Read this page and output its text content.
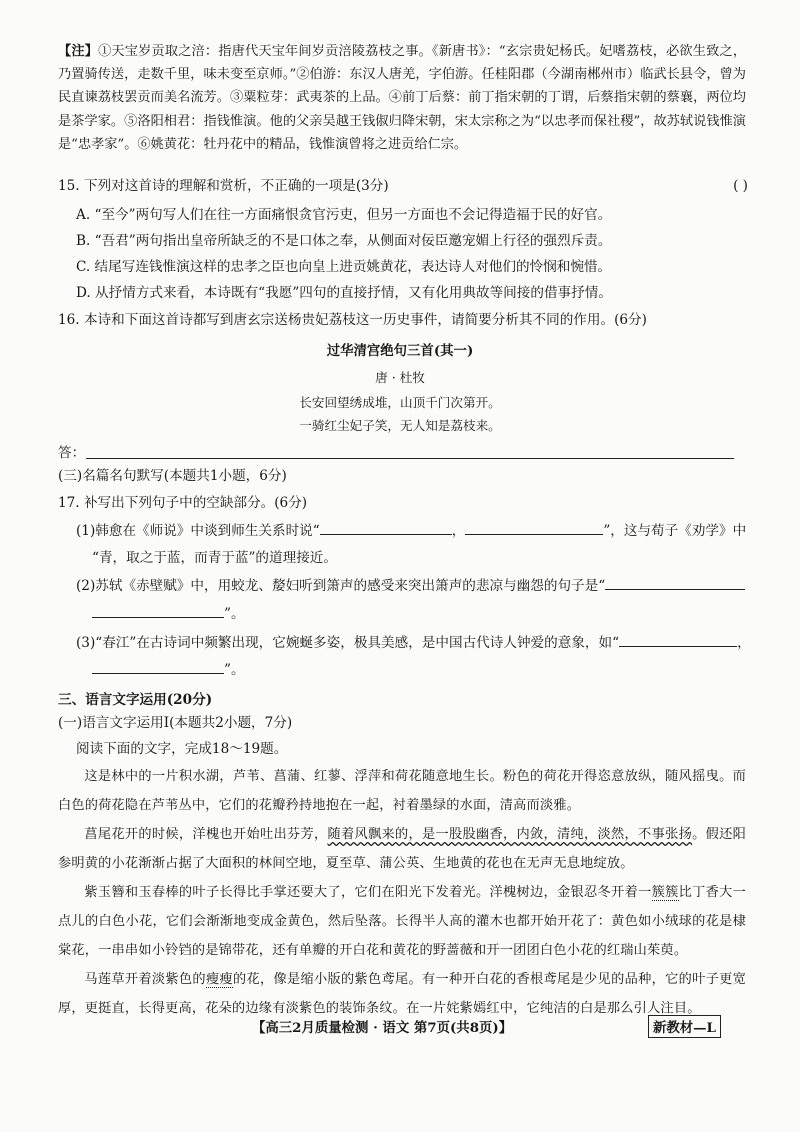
【注】①天宝岁贡取之涪：指唐代天宝年间岁贡涪陵荔枝之事。《新唐书》：“玄宗贵妃杨氏。妃嗜荔枝，必欲生致之，乃置骑传送，走数千里，味未变至京师。”②伯游：东汉人唐羌，字伯游。任桂阳郡（今湖南郴州市）临武长县令，曾为民直谏荔枝罢贡而美名流芳。③粟粒芽：武夷茶的上品。④前丁后蔡：前丁指宋朝的丁谓，后蔡指宋朝的蔡襄，两位均是茶学家。⑤洛阳相君：指钱惟演。他的父亲吴越王钱俶归降宋朝，宋太宗称之为“以忠孝而保社稷”，故苏轼说钱惟演是“忠孝家”。⑥姚黄花：牡丹花中的精品，钱惟演曾将之进贡给仁宗。
15. 下列对这首诗的理解和赏析，不正确的一项是(3分)	( )
A. “至今”两句写人们在往一方面痛恨贪官污吏，但另一方面也不会记得造福于民的好官。
B. “吾君”两句指出皇帝所缺乏的不是口体之奉，从侧面对佞臣邀宠媚上行径的强烈斥责。
C. 结尾写连钱惟演这样的忠孝之臣也向皇上进贡姚黄花，表达诗人对他们的怜悯和惋惜。
D. 从抒情方式来看，本诗既有“我愿”四句的直接抒情，又有化用典故等间接的借事抒情。
16. 本诗和下面这首诗都写到唐玄宗送杨贵妃荔枝这一历史事件，请简要分析其不同的作用。(6分)
过华清宫绝句三首(其一)
唐 · 杜牧
长安回望绣成堆，山顶千门次第开。
一骑红尘妃子笑，无人知是荔枝来。
答：
(三)名篇名句默写(本题共1小题，6分)
17. 补写出下列句子中的空缺部分。(6分)
(1)韩愈在《师说》中谈到师生关系时说“	，	”，这与荀子《劝学》中
“青，取之于蓝，而青于蓝”的道理接近。
(2)苏轼《赤壁赋》中，用蛟龙、嫠妇听到箫声的感受来突出箫声的悲凉与幽怨的句子是“
”。
(3)“春江”在古诗词中频繁出现，它婉蜒多姿，极具美感，是中国古代诗人钟爱的意象，如“	，
”。
三、语言文字运用(20分)
(一)语言文字运用Ⅰ(本题共2小题，7分)
阅读下面的文字，完成18～19题。

这是林中的一片积水湖，芦苇、菖蒲、红蓼、浮萍和荷花随意地生长。粉色的荷花开得恣意放纵，随风摇曳。而白色的荷花隐在芦苇丛中，它们的花瓣矜持地抱在一起，衬着墨绿的水面，清高而淡雅。

菖尾花开的时候，洋槐也开始吐出芬芳，随着风飘来的，是一股股幽香，内敛，清纯，淡然，不事张扬。假还阳参明黄的小花渐渐占据了大面积的林间空地，夏至草、蒲公英、生地黄的花也在无声无息地绽放。

紫玉簪和玉春棒的叶子长得比手掌还要大了，它们在阳光下发着光。洋槐树边，金银忍冬开着一簇簇比丁香大一点儿的白色小花，它们会渐渐地变成金黄色，然后坠落。长得半人高的灌木也都开始开花了：黄色如小绒球的花是棣棠花，一串串如小铃铛的是锦带花，还有单瓣的开白花和黄花的野蔷薇和开一团团白色小花的红瑞山茱萸。

马莲草开着淡紫色的瘦瘦的花，像是缩小版的紫色鸢尾。有一种开白花的香根鸢尾是少见的品种，它的叶子更宽厚，更挺直，长得更高，花朵的边缘有淡紫色的装饰条纹。在一片姹紫嫣红中，它纯洁的白是那么引人注目。

【高三2月质量检测 · 语文 第7页(共8页)】	新教材—L
